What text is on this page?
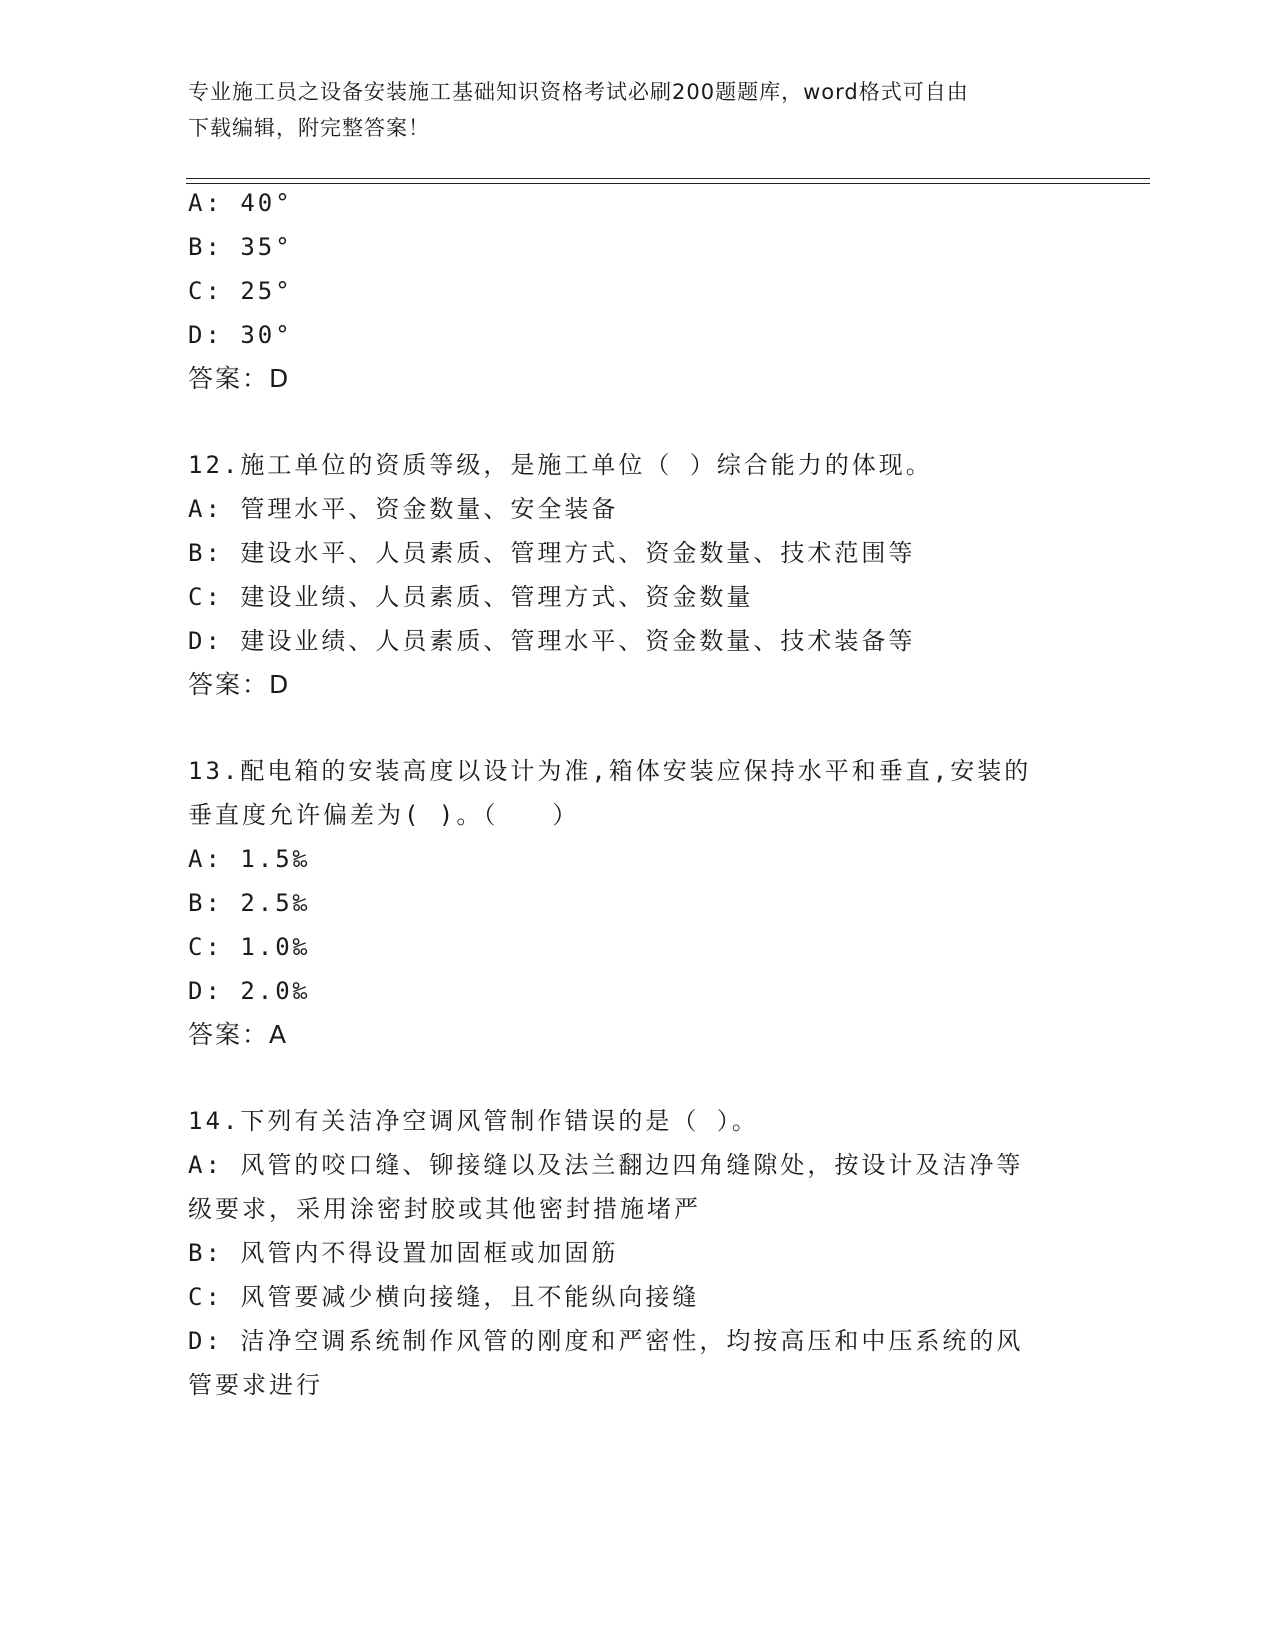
专业施工员之设备安装施工基础知识资格考试必刷200题题库，word格式可自由
下载编辑，附完整答案！
A: 40°
B: 35°
C: 25°
D: 30°
答案：D
12.施工单位的资质等级，是施工单位（ ）综合能力的体现。
A: 管理水平、资金数量、安全装备
B: 建设水平、人员素质、管理方式、资金数量、技术范围等
C: 建设业绩、人员素质、管理方式、资金数量
D: 建设业绩、人员素质、管理水平、资金数量、技术装备等
答案：D
13.配电箱的安装高度以设计为准,箱体安装应保持水平和垂直,安装的
垂直度允许偏差为( )。（　　）
A: 1.5‰
B: 2.5‰
C: 1.0‰
D: 2.0‰
答案：A
14.下列有关洁净空调风管制作错误的是（ ）。
A: 风管的咬口缝、铆接缝以及法兰翻边四角缝隙处，按设计及洁净等
级要求，采用涂密封胶或其他密封措施堵严
B: 风管内不得设置加固框或加固筋
C: 风管要减少横向接缝，且不能纵向接缝
D: 洁净空调系统制作风管的刚度和严密性，均按高压和中压系统的风
管要求进行
